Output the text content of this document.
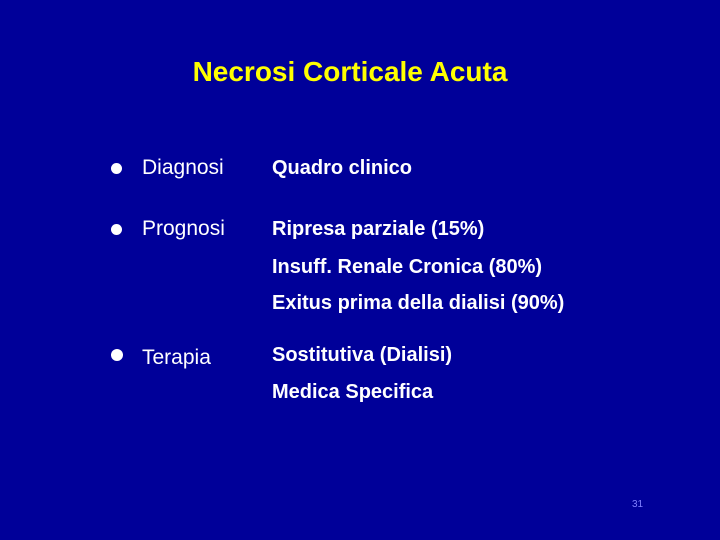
Necrosi Corticale Acuta
Diagnosi Quadro clinico
Prognosi Ripresa parziale (15%)
Insuff. Renale Cronica (80%)
Exitus prima della dialisi (90%)
Terapia	Sostitutiva (Dialisi)
Medica Specifica
31
